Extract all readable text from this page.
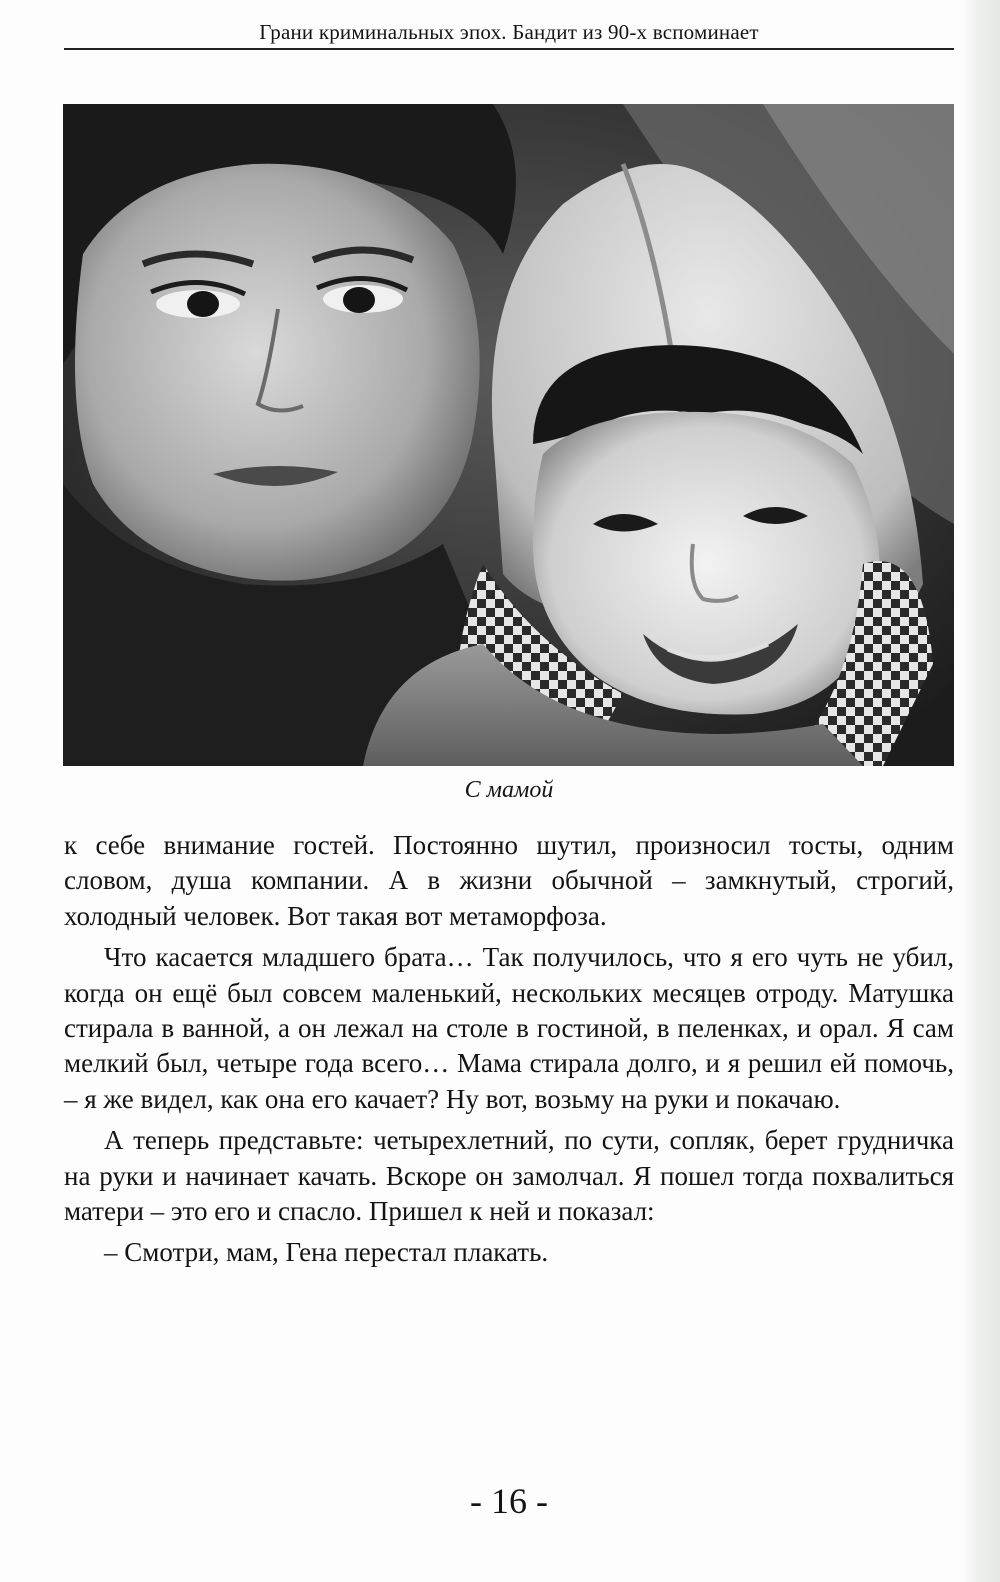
Грани криминальных эпох. Бандит из 90-х вспоминает
С мамой

к себе внимание гостей. Постоянно шутил, произносил тосты, одним словом, душа компании. А в жизни обычной – замкнутый, строгий, холодный человек. Вот такая вот метаморфоза.

Что касается младшего брата… Так получилось, что я его чуть не убил, когда он ещё был совсем маленький, нескольких месяцев отроду. Матушка стирала в ванной, а он лежал на столе в гостиной, в пеленках, и орал. Я сам мелкий был, четыре года всего… Мама стирала долго, и я решил ей помочь, – я же видел, как она его качает? Ну вот, возьму на руки и покачаю.

А теперь представьте: четырехлетний, по сути, сопляк, берет грудничка на руки и начинает качать. Вскоре он замолчал. Я пошел тогда похвалиться матери – это его и спасло. Пришел к ней и показал:

– Смотри, мам, Гена перестал плакать.

- 16 -
